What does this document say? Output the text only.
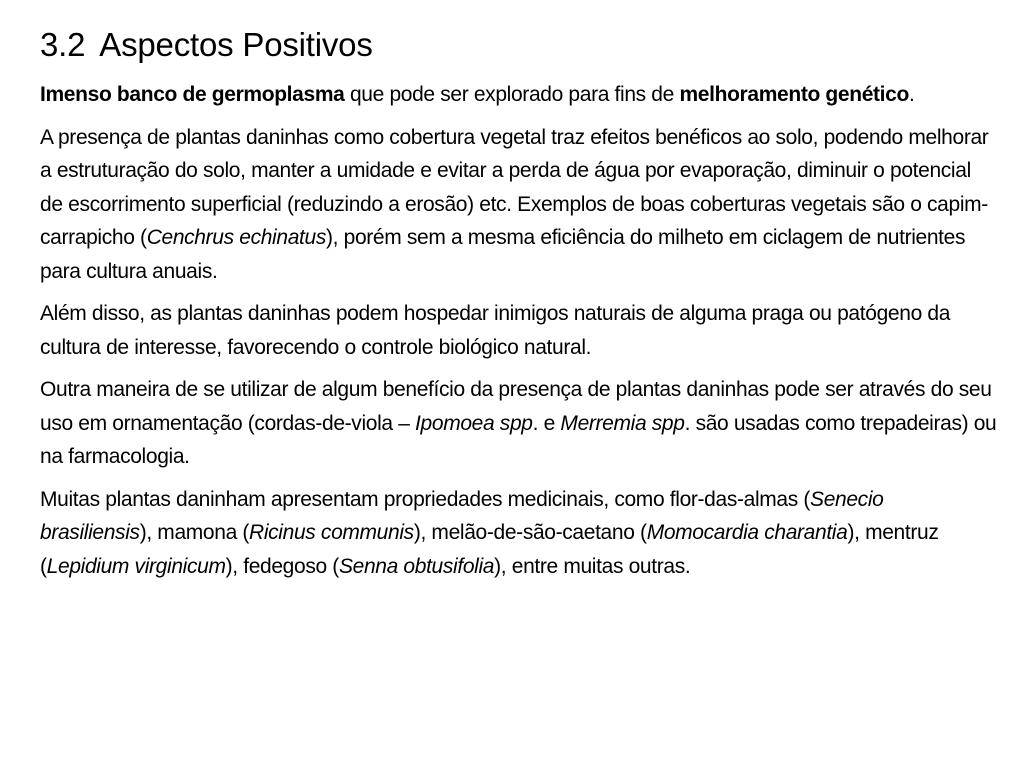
3.2 Aspectos Positivos

Imenso banco de germoplasma que pode ser explorado para fins de melhoramento genético.

A presença de plantas daninhas como cobertura vegetal traz efeitos benéficos ao solo, podendo melhorar a estruturação do solo, manter a umidade e evitar a perda de água por evaporação, diminuir o potencial de escorrimento superficial (reduzindo a erosão) etc. Exemplos de boas coberturas vegetais são o capim-carrapicho (Cenchrus echinatus), porém sem a mesma eficiência do milheto em ciclagem de nutrientes para cultura anuais.

Além disso, as plantas daninhas podem hospedar inimigos naturais de alguma praga ou patógeno da cultura de interesse, favorecendo o controle biológico natural.

Outra maneira de se utilizar de algum benefício da presença de plantas daninhas pode ser através do seu uso em ornamentação (cordas-de-viola – Ipomoea spp. e Merremia spp. são usadas como trepadeiras) ou na farmacologia.

Muitas plantas daninham apresentam propriedades medicinais, como flor-das-almas (Senecio brasiliensis), mamona (Ricinus communis), melão-de-são-caetano (Momocardia charantia), mentruz (Lepidium virginicum), fedegoso (Senna obtusifolia), entre muitas outras.
